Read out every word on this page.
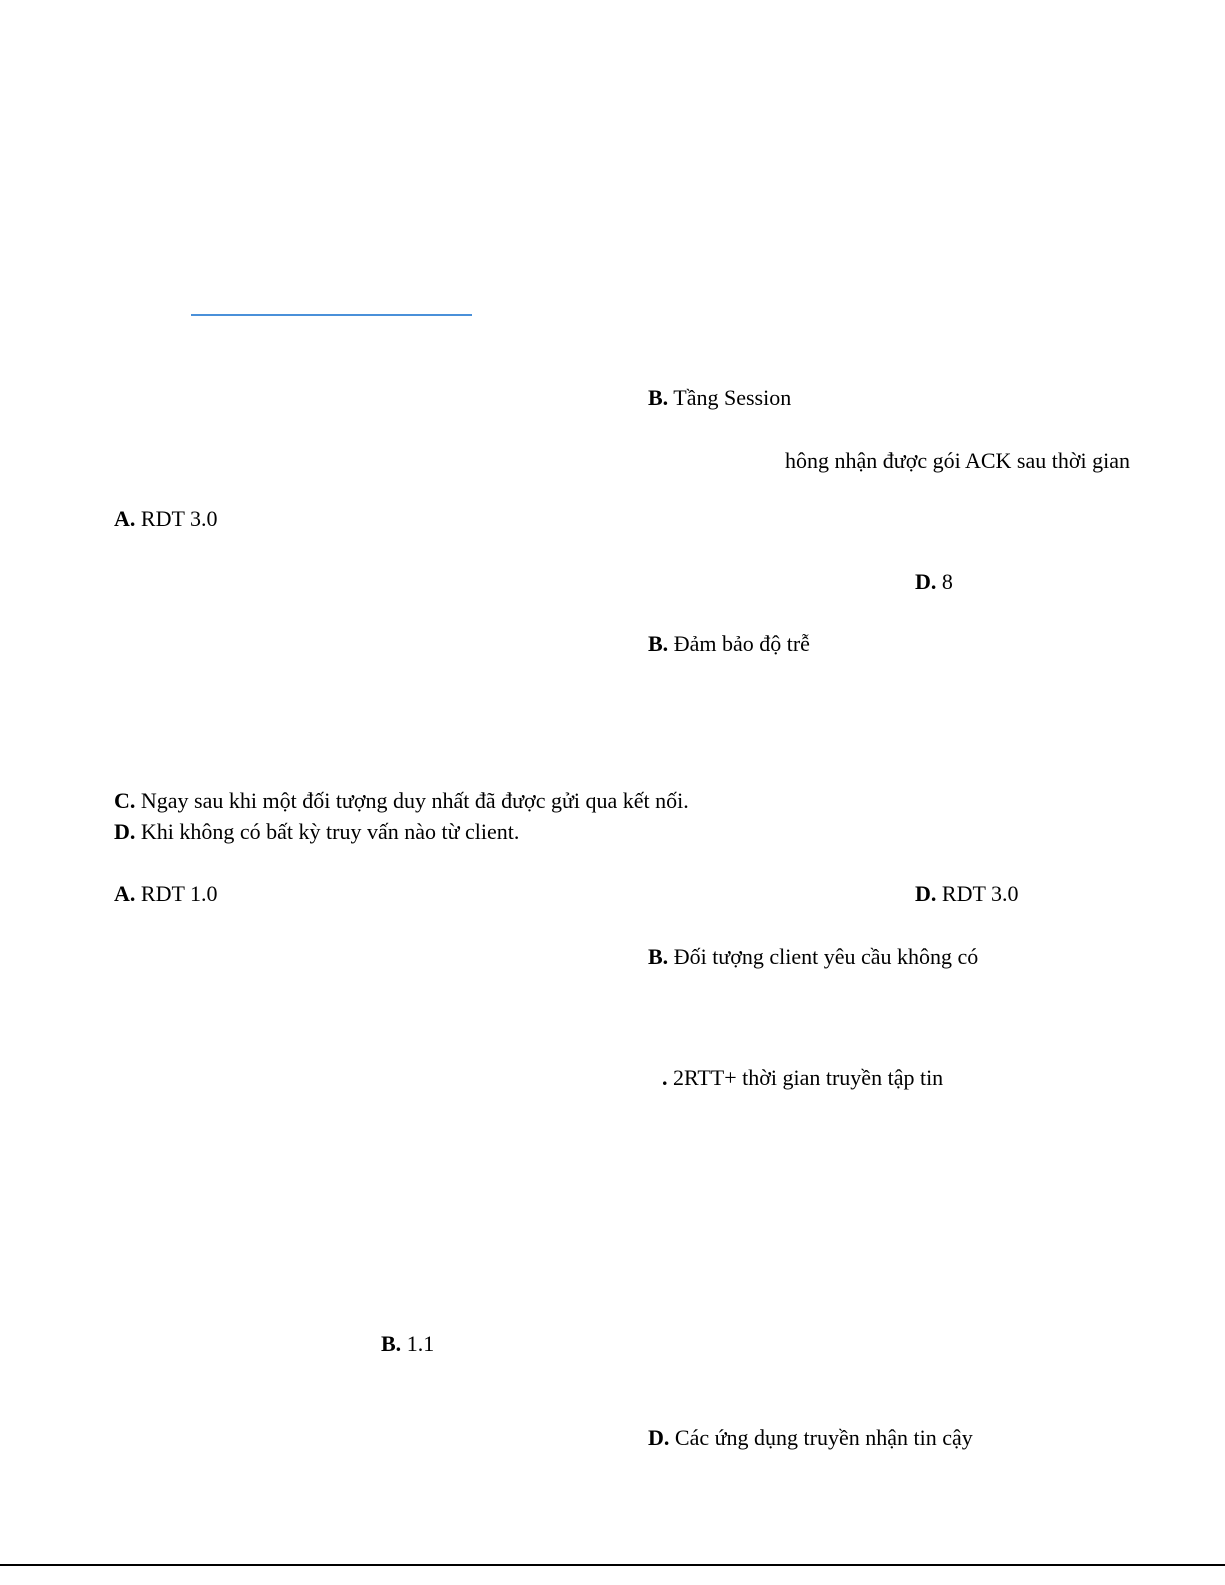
B. Tầng Session
hông nhận được gói ACK sau thời gian
A. RDT 3.0
D. 8
B. Đảm bảo độ trễ
C. Ngay sau khi một đối tượng duy nhất đã được gửi qua kết nối.
D. Khi không có bất kỳ truy vấn nào từ client.
A. RDT 1.0	D. RDT 3.0
B. Đối tượng client yêu cầu không có
. 2RTT+ thời gian truyền tập tin
B. 1.1
D. Các ứng dụng truyền nhận tin cậy
